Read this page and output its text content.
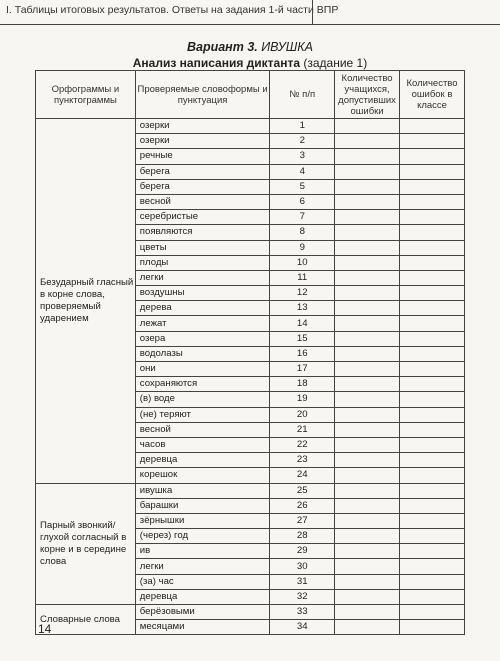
I. Таблицы итоговых результатов. Ответы на задания 1-й части ВПР
Вариант 3. ИВУШКА
Анализ написания диктанта (задание 1)
Орфограммы и пунктограммы	Проверяемые словоформы и пунктуация	№ п/п	Количество учащихся, допустивших ошибки	Количество ошибок в классе
Безударный гласный в корне слова, проверяемый ударением	озерки	1		
	озерки	2		
	речные	3		
	берега	4		
	берега	5		
	весной	6		
	серебристые	7		
	появляются	8		
	цветы	9		
	плоды	10		
	легки	11		
	воздушны	12		
	дерева	13		
	лежат	14		
	озера	15		
	водолазы	16		
	они	17		
	сохраняются	18		
	(в) воде	19		
	(не) теряют	20		
	весной	21		
	часов	22		
	деревца	23		
	корешок	24		
Парный звонкий/глухой согласный в корне и в середине слова	ивушка	25		
	барашки	26		
	зёрнышки	27		
	(через) год	28		
	ив	29		
	легки	30		
	(за) час	31		
	деревца	32		
Словарные слова	берёзовыми	33		
	месяцами	34		
14
